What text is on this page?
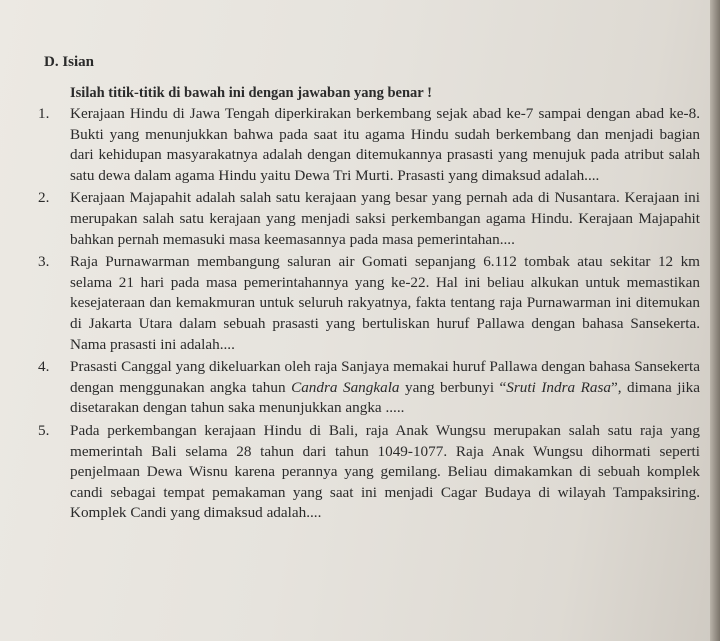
D. Isian
Isilah titik-titik di bawah ini dengan jawaban yang benar !
1. Kerajaan Hindu di Jawa Tengah diperkirakan berkembang sejak abad ke-7 sampai dengan abad ke-8. Bukti yang menunjukkan bahwa pada saat itu agama Hindu sudah berkembang dan menjadi bagian dari kehidupan masyarakatnya adalah dengan ditemukannya prasasti yang menujuk pada atribut salah satu dewa dalam agama Hindu yaitu Dewa Tri Murti. Prasasti yang dimaksud adalah....
2. Kerajaan Majapahit adalah salah satu kerajaan yang besar yang pernah ada di Nusantara. Kerajaan ini merupakan salah satu kerajaan yang menjadi saksi perkembangan agama Hindu. Kerajaan Majapahit bahkan pernah memasuki masa keemasannya pada masa pemerintahan....
3. Raja Purnawarman membangung saluran air Gomati sepanjang 6.112 tombak atau sekitar 12 km selama 21 hari pada masa pemerintahannya yang ke-22. Hal ini beliau alkukan untuk memastikan kesejateraan dan kemakmuran untuk seluruh rakyatnya, fakta tentang raja Purnawarman ini ditemukan di Jakarta Utara dalam sebuah prasasti yang bertuliskan huruf Pallawa dengan bahasa Sansekerta. Nama prasasti ini adalah....
4. Prasasti Canggal yang dikeluarkan oleh raja Sanjaya memakai huruf Pallawa dengan bahasa Sansekerta dengan menggunakan angka tahun Candra Sangkala yang berbunyi “Sruti Indra Rasa”, dimana jika disetarakan dengan tahun saka menunjukkan angka .....
5. Pada perkembangan kerajaan Hindu di Bali, raja Anak Wungsu merupakan salah satu raja yang memerintah Bali selama 28 tahun dari tahun 1049-1077. Raja Anak Wungsu dihormati seperti penjelmaan Dewa Wisnu karena perannya yang gemilang. Beliau dimakamkan di sebuah komplek candi sebagai tempat pemakaman yang saat ini menjadi Cagar Budaya di wilayah Tampaksiring. Komplek Candi yang dimaksud adalah....
